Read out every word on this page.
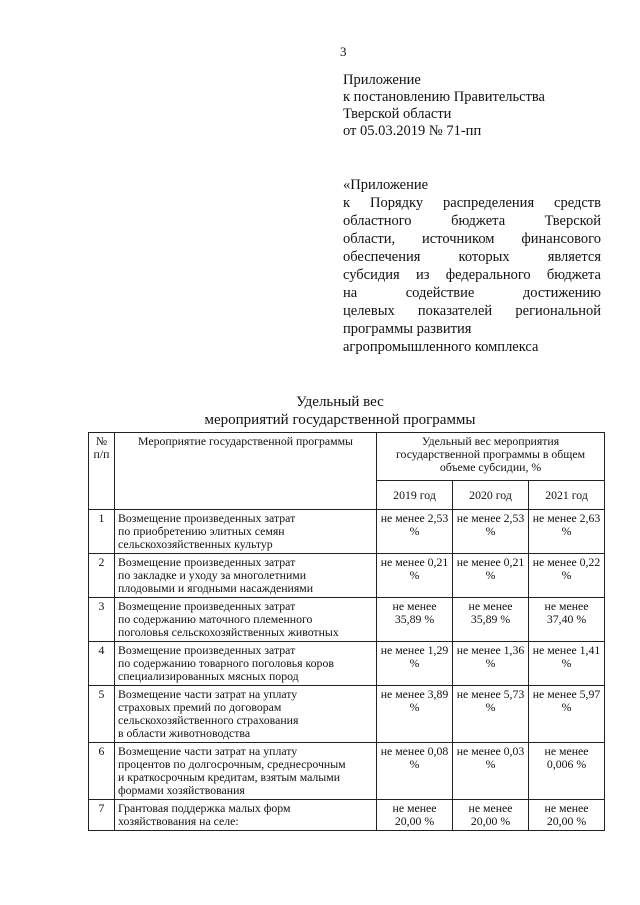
3
Приложение
к постановлению Правительства
Тверской области
от 05.03.2019 № 71-пп
«Приложение
к Порядку распределения средств
областного бюджета Тверской
области, источником финансового
обеспечения которых является
субсидия из федерального бюджета
на содействие достижению
целевых показателей региональной
программы развития
агропромышленного комплекса
Удельный вес
мероприятий государственной программы
№
п/п	Мероприятие государственной программы	Удельный вес мероприятия государственной программы в общем объеме субсидии, %		
		2019 год	2020 год	2021 год
1	Возмещение произведенных затрат
по приобретению элитных семян
сельскохозяйственных культур	не менее 2,53 %	не менее 2,53 %	не менее 2,63 %
2	Возмещение произведенных затрат
по закладке и уходу за многолетними
плодовыми и ягодными насаждениями	не менее 0,21 %	не менее 0,21 %	не менее 0,22 %
3	Возмещение произведенных затрат
по содержанию маточного племенного
поголовья сельскохозяйственных животных	не менее 35,89 %	не менее 35,89 %	не менее 37,40 %
4	Возмещение произведенных затрат
по содержанию товарного поголовья коров
специализированных мясных пород	не менее 1,29 %	не менее 1,36 %	не менее 1,41 %
5	Возмещение части затрат на уплату
страховых премий по договорам
сельскохозяйственного страхования
в области животноводства	не менее 3,89 %	не менее 5,73 %	не менее 5,97 %
6	Возмещение части затрат на уплату
процентов по долгосрочным, среднесрочным
и краткосрочным кредитам, взятым малыми
формами хозяйствования	не менее 0,08 %	не менее 0,03 %	не менее 0,006 %
7	Грантовая поддержка малых форм
хозяйствования на селе:	не менее 20,00 %	не менее 20,00 %	не менее 20,00 %
